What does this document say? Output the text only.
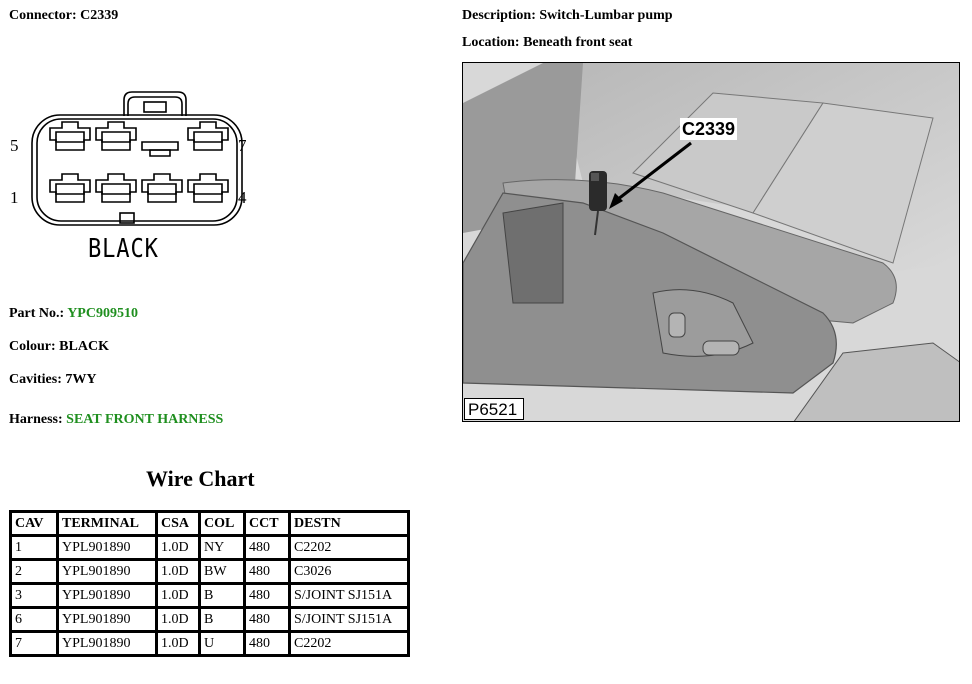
Connector: C2339	Description: Switch-Lumbar pump
Location: Beneath front seat
5	7
1	4
BLACK
C2339
P6521
Part No.: YPC909510
Colour: BLACK
Cavities: 7WY
Harness: SEAT FRONT HARNESS
Wire Chart
CAV	TERMINAL	CSA	COL	CCT	DESTN
1	YPL901890	1.0D	NY	480	C2202
2	YPL901890	1.0D	BW	480	C3026
3	YPL901890	1.0D	B	480	S/JOINT SJ151A
6	YPL901890	1.0D	B	480	S/JOINT SJ151A
7	YPL901890	1.0D	U	480	C2202
